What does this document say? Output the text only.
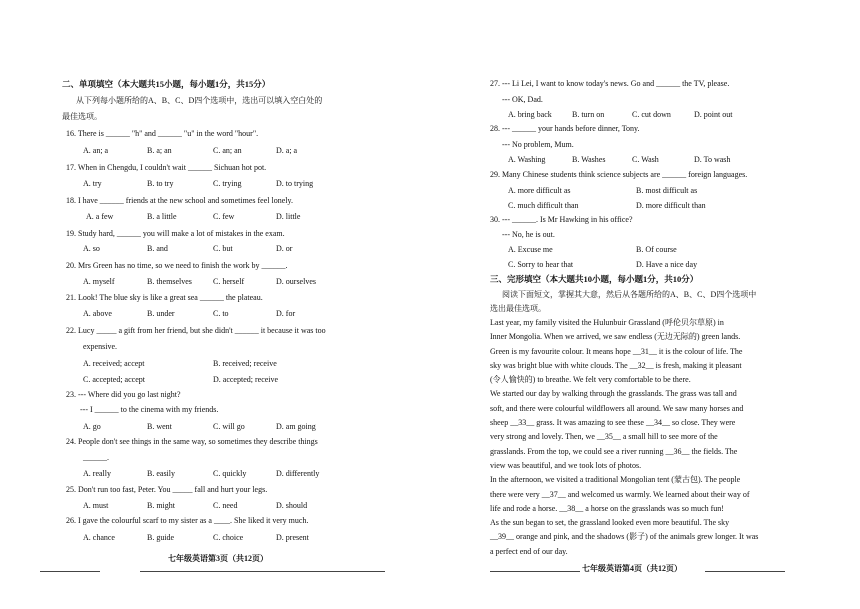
二、单项填空（本大题共15小题，每小题1分，共15分）
从下列每小题所给的A、B、C、D四个选项中，选出可以填入空白处的
最佳选项。
16. There is ______ "h" and ______ "u" in the word "hour".
A. an; a	B. a; an	C. an; an	D. a; a
17. When in Chengdu, I couldn't wait ______ Sichuan hot pot.
A. try	B. to try	C. trying	D. to trying
18. I have ______ friends at the new school and sometimes feel lonely.
A. a few	B. a little	C. few	D. little
19. Study hard, ______ you will make a lot of mistakes in the exam.
A. so	B. and	C. but	D. or
20. Mrs Green has no time, so we need to finish the work by ______.
A. myself	B. themselves	C. herself	D. ourselves
21. Look! The blue sky is like a great sea ______ the plateau.
A. above	B. under	C. to	D. for
22. Lucy _____ a gift from her friend, but she didn't ______ it because it was too
expensive.
A. received; accept	B. received; receive
C. accepted; accept	D. accepted; receive
23. --- Where did you go last night?
--- I ______ to the cinema with my friends.
A. go	B. went	C. will go	D. am going
24. People don't see things in the same way, so sometimes they describe things
______.
A. really	B. easily	C. quickly	D. differently
25. Don't run too fast, Peter. You _____ fall and hurt your legs.
A. must	B. might	C. need	D. should
26. I gave the colourful scarf to my sister as a ____. She liked it very much.
A. chance	B. guide	C. choice	D. present
七年级英语第3页（共12页）
27. --- Li Lei, I want to know today's news. Go and ______ the TV, please.
--- OK, Dad.
A. bring back	B. turn on	C. cut down	D. point out
28. --- ______ your hands before dinner, Tony.
--- No problem, Mum.
A. Washing	B. Washes	C. Wash	D. To wash
29. Many Chinese students think science subjects are ______ foreign languages.
A. more difficult as	B. most difficult as
C. much difficult than	D. more difficult than
30. --- ______. Is Mr Hawking in his office?
--- No, he is out.
A. Excuse me	B. Of course
C. Sorry to hear that	D. Have a nice day
三、完形填空（本大题共10小题，每小题1分，共10分）
阅读下面短文，掌握其大意，然后从各题所给的A、B、C、D四个选项中
选出最佳选项。
Last year, my family visited the Hulunbuir Grassland (呼伦贝尔草原) in
Inner Mongolia. When we arrived, we saw endless (无边无际的) green lands.
Green is my favourite colour. It means hope __31__ it is the colour of life. The
sky was bright blue with white clouds. The __32__ is fresh, making it pleasant
(令人愉快的) to breathe. We felt very comfortable to be there.
We started our day by walking through the grasslands. The grass was tall and
soft, and there were colourful wildflowers all around. We saw many horses and
sheep __33__ grass. It was amazing to see these __34__ so close. They were
very strong and lovely. Then, we __35__ a small hill to see more of the
grasslands. From the top, we could see a river running __36__ the fields. The
view was beautiful, and we took lots of photos.
In the afternoon, we visited a traditional Mongolian tent (蒙古包). The people
there were very __37__ and welcomed us warmly. We learned about their way of
life and rode a horse. __38__ a horse on the grasslands was so much fun!
As the sun began to set, the grassland looked even more beautiful. The sky
__39__ orange and pink, and the shadows (影子) of the animals grew longer. It was
a perfect end of our day.
七年级英语第4页（共12页）
